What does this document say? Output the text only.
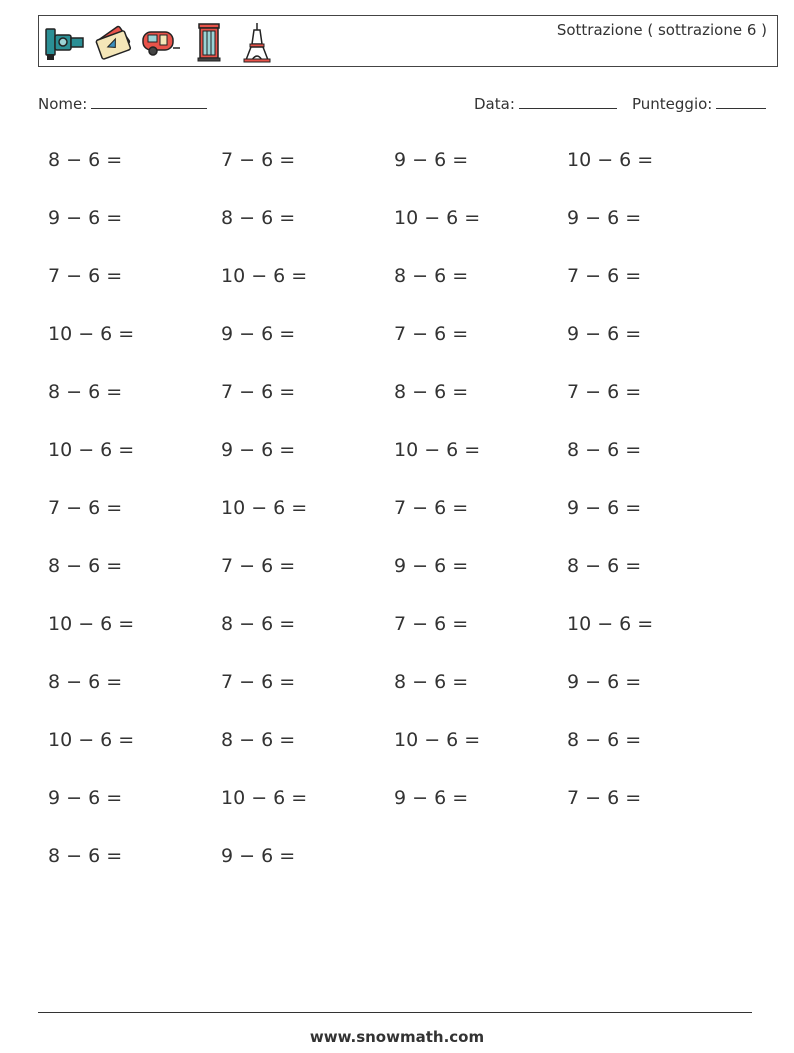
Sottrazione ( sottrazione 6 )
Nome:	Data:	Punteggio:
8 − 6 =	7 − 6 =	9 − 6 =	10 − 6 =
9 − 6 =	8 − 6 =	10 − 6 =	9 − 6 =
7 − 6 =	10 − 6 =	8 − 6 =	7 − 6 =
10 − 6 =	9 − 6 =	7 − 6 =	9 − 6 =
8 − 6 =	7 − 6 =	8 − 6 =	7 − 6 =
10 − 6 =	9 − 6 =	10 − 6 =	8 − 6 =
7 − 6 =	10 − 6 =	7 − 6 =	9 − 6 =
8 − 6 =	7 − 6 =	9 − 6 =	8 − 6 =
10 − 6 =	8 − 6 =	7 − 6 =	10 − 6 =
8 − 6 =	7 − 6 =	8 − 6 =	9 − 6 =
10 − 6 =	8 − 6 =	10 − 6 =	8 − 6 =
9 − 6 =	10 − 6 =	9 − 6 =	7 − 6 =
8 − 6 =	9 − 6 =
www.snowmath.com
